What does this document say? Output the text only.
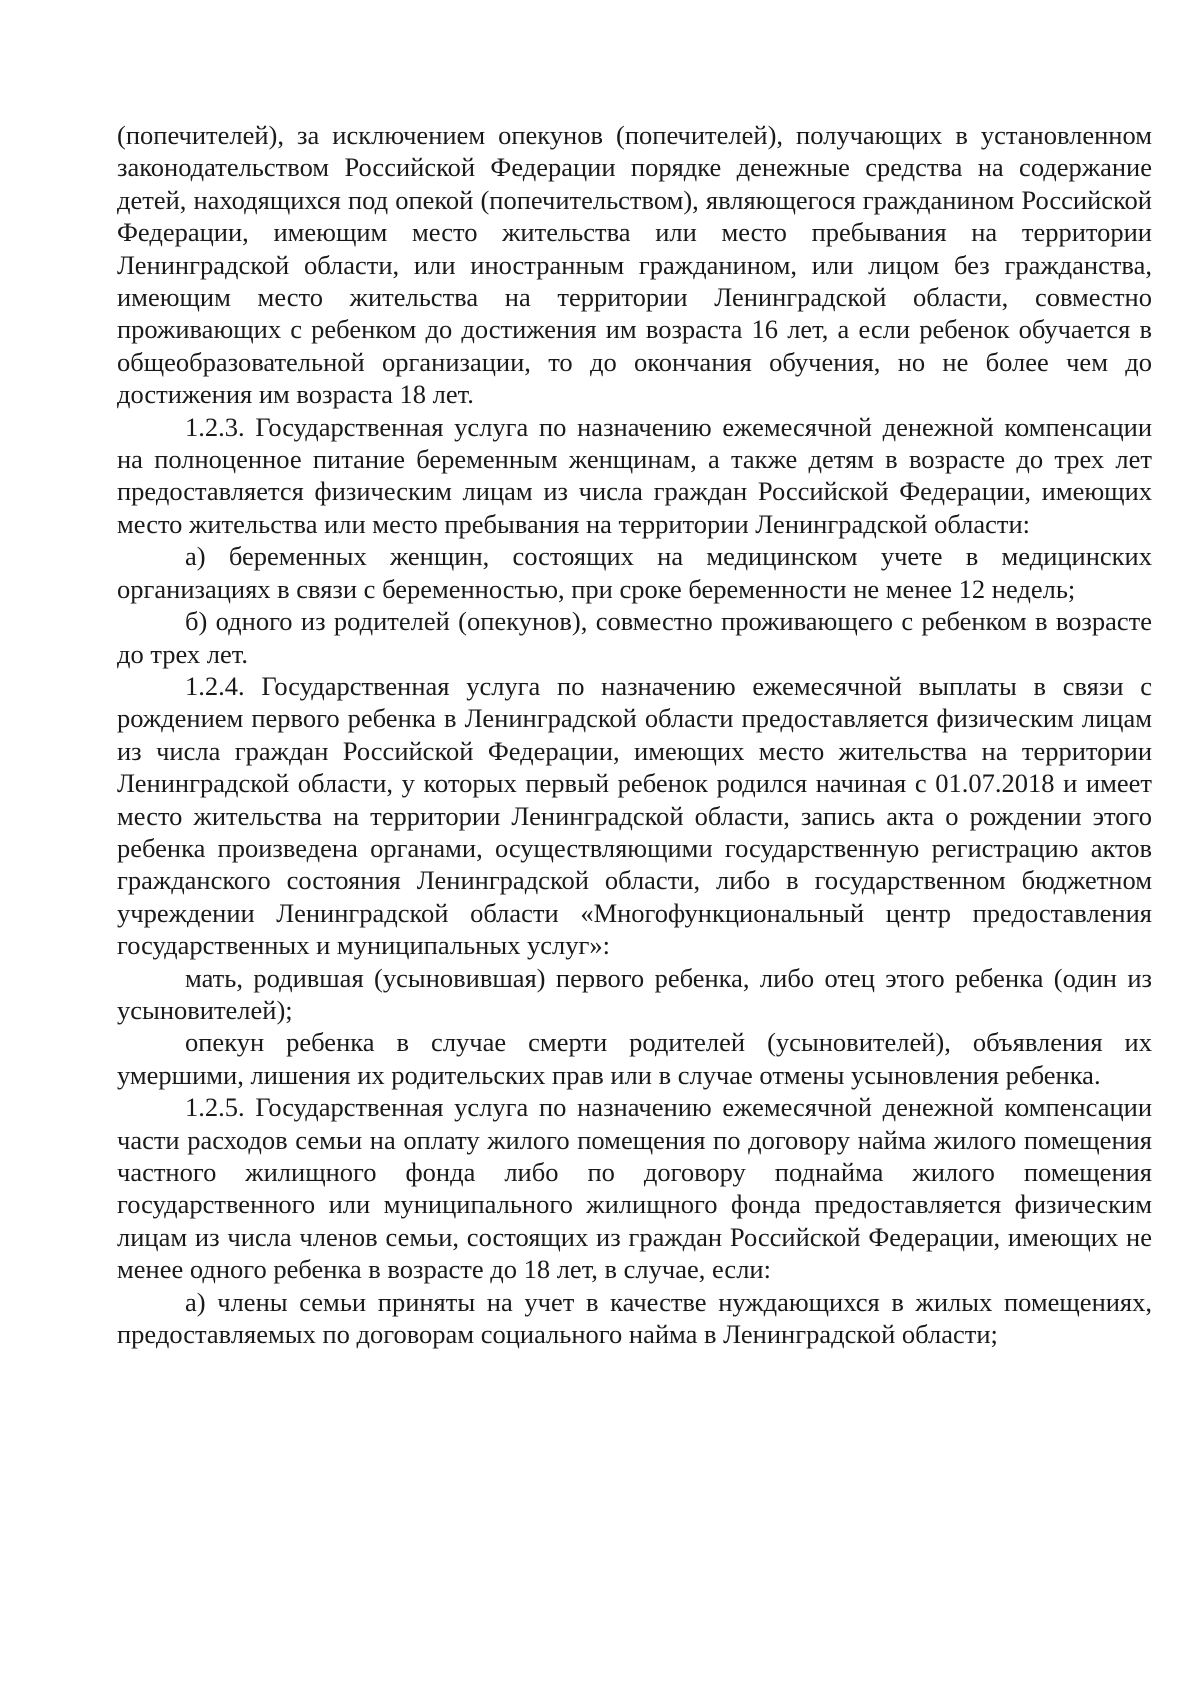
(попечителей), за исключением опекунов (попечителей), получающих в установленном законодательством Российской Федерации порядке денежные средства на содержание детей, находящихся под опекой (попечительством), являющегося гражданином Российской Федерации, имеющим место жительства или место пребывания на территории Ленинградской области, или иностранным гражданином, или лицом без гражданства, имеющим место жительства на территории Ленинградской области, совместно проживающих с ребенком до достижения им возраста 16 лет, а если ребенок обучается в общеобразовательной организации, то до окончания обучения, но не более чем до достижения им возраста 18 лет.

1.2.3. Государственная услуга по назначению ежемесячной денежной компенсации на полноценное питание беременным женщинам, а также детям в возрасте до трех лет предоставляется физическим лицам из числа граждан Российской Федерации, имеющих место жительства или место пребывания на территории Ленинградской области:

а) беременных женщин, состоящих на медицинском учете в медицинских организациях в связи с беременностью, при сроке беременности не менее 12 недель;

б) одного из родителей (опекунов), совместно проживающего с ребенком в возрасте до трех лет.

1.2.4. Государственная услуга по назначению ежемесячной выплаты в связи с рождением первого ребенка в Ленинградской области предоставляется физическим лицам из числа граждан Российской Федерации, имеющих место жительства на территории Ленинградской области, у которых первый ребенок родился начиная с 01.07.2018 и имеет место жительства на территории Ленинградской области, запись акта о рождении этого ребенка произведена органами, осуществляющими государственную регистрацию актов гражданского состояния Ленинградской области, либо в государственном бюджетном учреждении Ленинградской области «Многофункциональный центр предоставления государственных и муниципальных услуг»:

мать, родившая (усыновившая) первого ребенка, либо отец этого ребенка (один из усыновителей);

опекун ребенка в случае смерти родителей (усыновителей), объявления их умершими, лишения их родительских прав или в случае отмены усыновления ребенка.

1.2.5. Государственная услуга по назначению ежемесячной денежной компенсации части расходов семьи на оплату жилого помещения по договору найма жилого помещения частного жилищного фонда либо по договору поднайма жилого помещения государственного или муниципального жилищного фонда предоставляется физическим лицам из числа членов семьи, состоящих из граждан Российской Федерации, имеющих не менее одного ребенка в возрасте до 18 лет, в случае, если:

а) члены семьи приняты на учет в качестве нуждающихся в жилых помещениях, предоставляемых по договорам социального найма в Ленинградской области;
